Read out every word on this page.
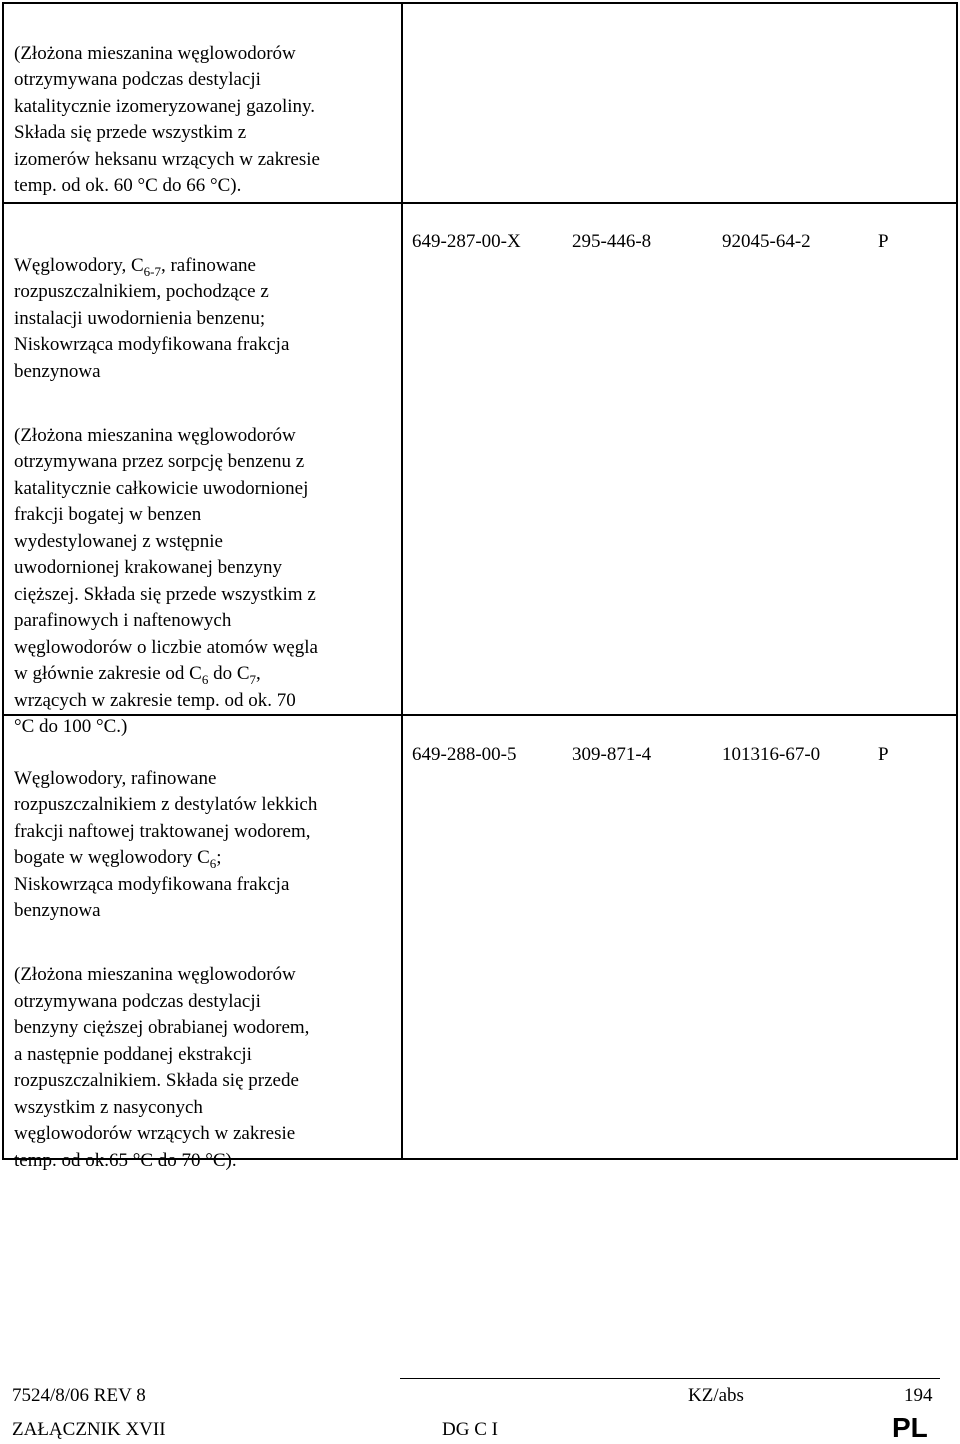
(Złożona mieszanina węglowodorów
otrzymywana podczas destylacji
katalitycznie izomeryzowanej gazoliny.
Składa się przede wszystkim z
izomerów heksanu wrzących w zakresie
temp. od ok. 60 °C do 66 °C).

Węglowodory, $C_{6-7}$, rafinowane
rozpuszczalnikiem, pochodzące z
instalacji uwodornienia benzenu;
Niskowrząca modyfikowana frakcja
benzynowa

(Złożona mieszanina węglowodorów
otrzymywana przez sorpcję benzenu z
katalitycznie całkowicie uwodornionej
frakcji bogatej w benzen
wydestylowanej z wstępnie
uwodornionej krakowanej benzyny
cięższej. Składa się przede wszystkim z
parafinowych i naftenowych
węglowodorów o liczbie atomów węgla
w głównie zakresie od $C_6$ do $C_7$,
wrzących w zakresie temp. od ok. 70
°C do 100 °C.)

649-287-00-X	295-446-8	92045-64-2	P

Węglowodory, rafinowane
rozpuszczalnikiem z destylatów lekkich
frakcji naftowej traktowanej wodorem,
bogate w węglowodory $C_6$;
Niskowrząca modyfikowana frakcja
benzynowa

(Złożona mieszanina węglowodorów
otrzymywana podczas destylacji
benzyny cięższej obrabianej wodorem,
a następnie poddanej ekstrakcji
rozpuszczalnikiem. Składa się przede
wszystkim z nasyconych
węglowodorów wrzących w zakresie
temp. od ok.65 °C do 70 °C).

649-288-00-5	309-871-4	101316-67-0	P
7524/8/06 REV 8	KZ/abs	194
ZAŁĄCZNIK XVII	DG C I	PL
